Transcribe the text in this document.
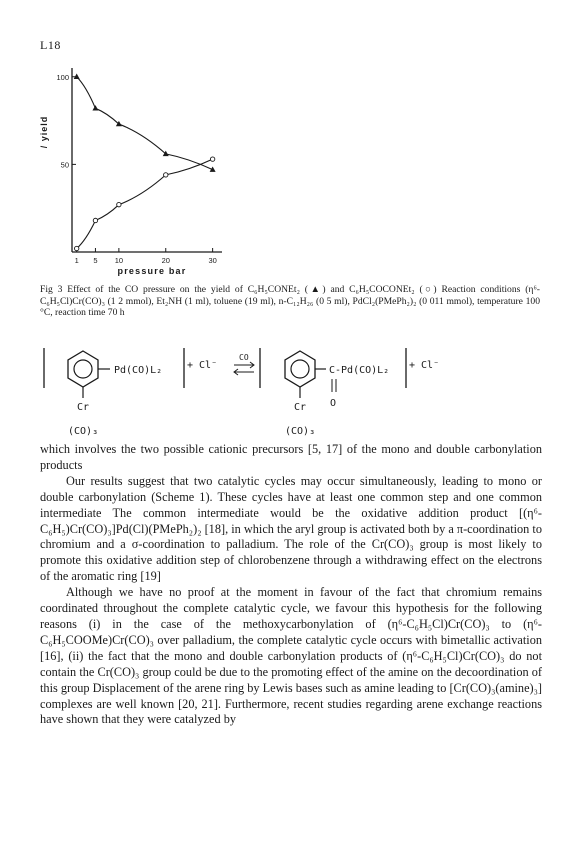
L18
1 5 10	20	30
100
50
pressure bar
/ yield

Fig 3 Effect of the CO pressure on the yield of C₆H₅CONEt₂ (▲) and C₆H₅COCONEt₂ (○) Reaction conditions (η⁶-C₆H₅Cl)Cr(CO)₃ (1 2 mmol), Et₂NH (1 ml), toluene (19 ml), n-C₁₂H₂₆ (0 5 ml), PdCl₂(PMePh₂)₂ (0 011 mmol), temperature 100 °C, reaction time 70 h

Pd(CO)L₂ + Cl⁻
Cr
(CO)₃
CO
C-Pd(CO)L₂
O
+ Cl⁻
Cr
(CO)₃

which involves the two possible cationic precursors [5, 17] of the mono and double carbonylation products

Our results suggest that two catalytic cycles may occur simultaneously, leading to mono or double carbonylation (Scheme 1). These cycles have at least one common step and one common intermediate The common intermediate would be the oxidative addition product [(η⁶-C₆H₅)Cr(CO)₃]Pd(Cl)(PMePh₂)₂ [18], in which the aryl group is activated both by a π-coordination to chromium and a σ-coordination to palladium. The role of the Cr(CO)₃ group is most likely to promote this oxidative addition step of chlorobenzene through a withdrawing effect on the electrons of the aromatic ring [19]

Although we have no proof at the moment in favour of the fact that chromium remains coordinated throughout the complete catalytic cycle, we favour this hypothesis for the following reasons (i) in the case of the methoxycarbonylation of (η⁶-C₆H₅Cl)Cr(CO)₃ to (η⁶-C₆H₅COOMe)Cr(CO)₃ over palladium, the complete catalytic cycle occurs with bimetallic activation [16], (ii) the fact that the mono and double carbonylation products of (η⁶-C₆H₅Cl)Cr(CO)₃ do not contain the Cr(CO)₃ group could be due to the promoting effect of the amine on the decoordination of this group Displacement of the arene ring by Lewis bases such as amine leading to [Cr(CO)₃(amine)₃] complexes are well known [20, 21]. Furthermore, recent studies regarding arene exchange reactions have shown that they were catalyzed by
